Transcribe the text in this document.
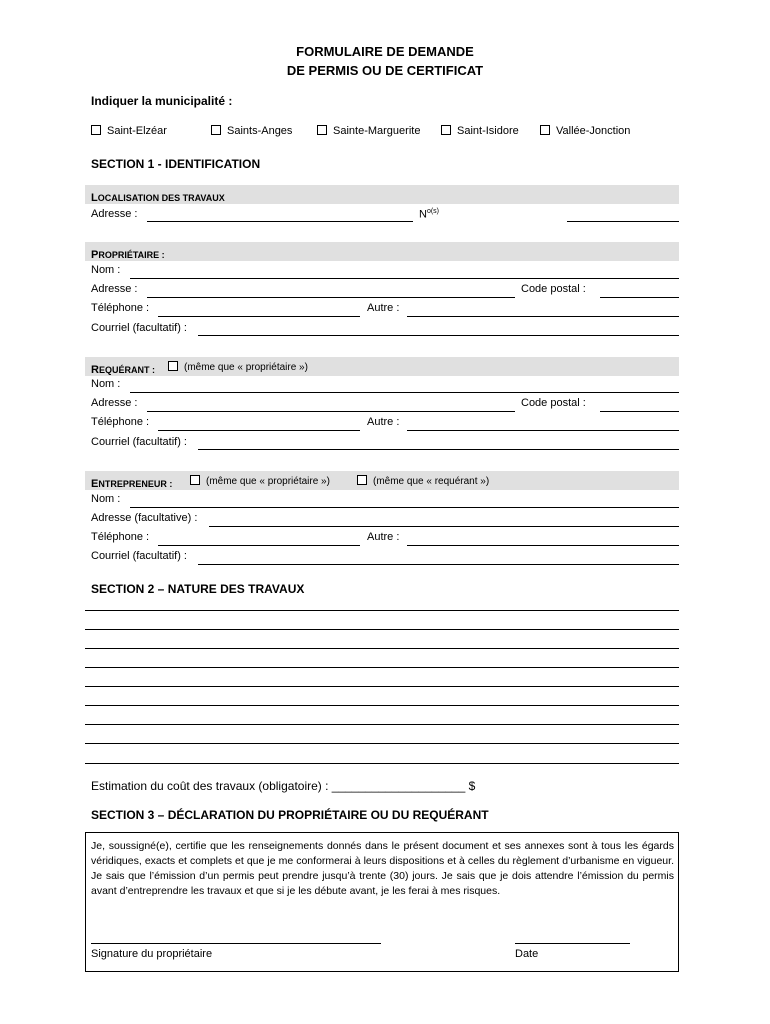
FORMULAIRE DE DEMANDE
DE PERMIS OU DE CERTIFICAT
Indiquer la municipalité :
Saint-Elzéar	Saints-Anges	Sainte-Marguerite	Saint-Isidore	Vallée-Jonction
SECTION 1 - IDENTIFICATION
LOCALISATION DES TRAVAUX
Adresse :	$N^{o(s)}$
PROPRIÉTAIRE :
Nom :
Adresse :	Code postal :
Téléphone :	Autre :
Courriel (facultatif) :
REQUÉRANT :	(même que « propriétaire »)
Nom :
Adresse :	Code postal :
Téléphone :	Autre :
Courriel (facultatif) :
ENTREPRENEUR :	(même que « propriétaire »)	(même que « requérant »)
Nom :
Adresse (facultative) :
Téléphone :	Autre :
Courriel (facultatif) :
SECTION 2 – NATURE DES TRAVAUX
Estimation du coût des travaux (obligatoire) : ____________________ $
SECTION 3 – DÉCLARATION DU PROPRIÉTAIRE OU DU REQUÉRANT
Je, soussigné(e), certifie que les renseignements donnés dans le présent document et ses annexes sont à tous les égards véridiques, exacts et complets et que je me conformerai à leurs dispositions et à celles du règlement d’urbanisme en vigueur. Je sais que l’émission d’un permis peut prendre jusqu’à trente (30) jours. Je sais que je dois attendre l’émission du permis avant d’entreprendre les travaux et que si je les débute avant, je les ferai à mes risques.
Signature du propriétaire	Date
